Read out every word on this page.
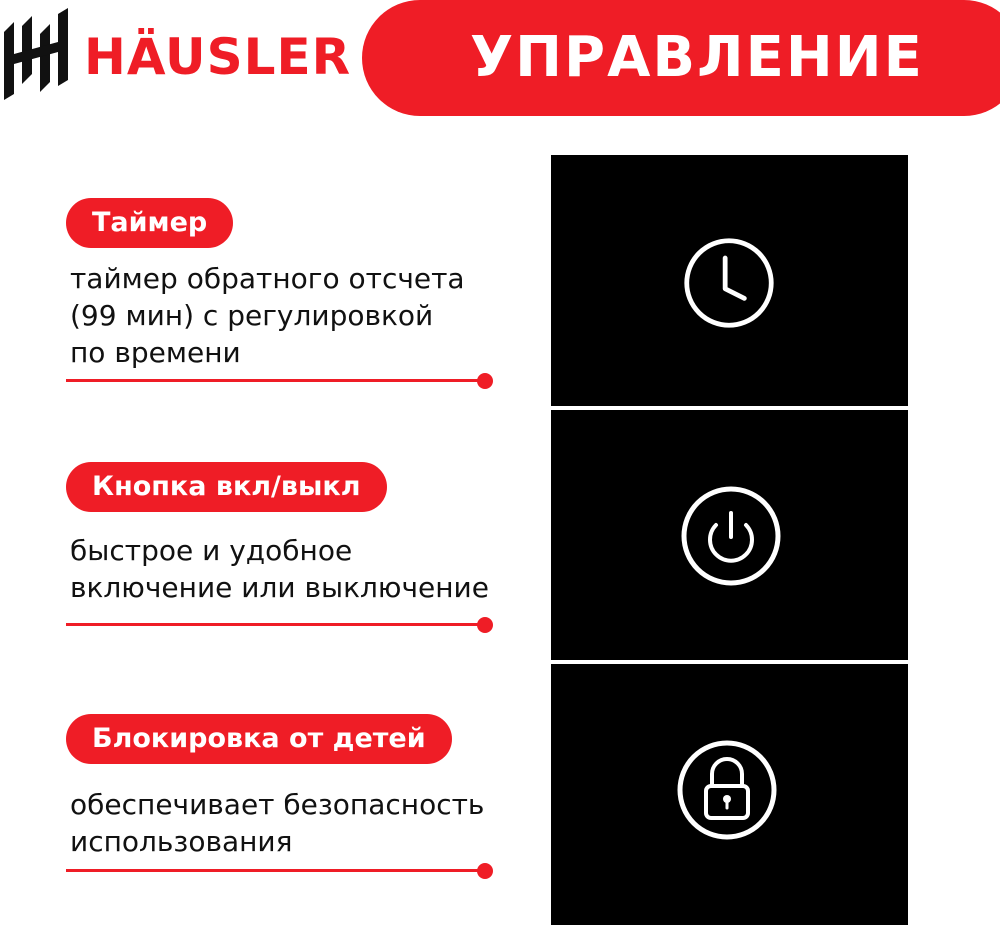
HÄUSLER УПРАВЛЕНИЕ
Таймер

таймер обратного отсчета
(99 мин) с регулировкой
по времени

Кнопка вкл/выкл

быстрое и удобное
включение или выключение

Блокировка от детей

обеспечивает безопасность
использования
